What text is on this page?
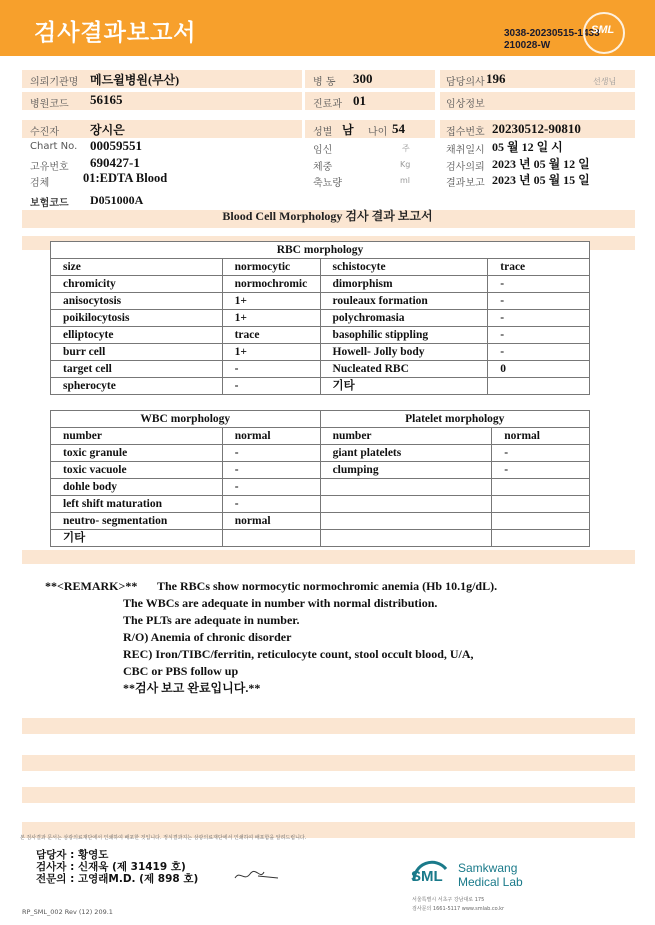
검사결과보고서	3038-20230515-1433
210028-W
SML
의뢰기관명 메드윌병원(부산)	병 동 300	담당의사 196	선생님
병원코드 56165	진료과 01	임상정보
수진자	장시은	성별 남 나이 54	접수번호 20230512-90810
Chart No. 00059551	임신	주	채취일시 05 월 12 일 시
고유번호 690427-1	체중	Kg	검사의뢰 2023 년 05 월 12 일
검체	01:EDTA Blood	축뇨량	ml	결과보고 2023 년 05 월 15 일
보험코드 D051000A
Blood Cell Morphology 검사 결과 보고서
RBC morphology			
size	normocytic	schistocyte	trace
chromicity	normochromic	dimorphism	-
anisocytosis	1+	rouleaux formation	-
poikilocytosis	1+	polychromasia	-
elliptocyte	trace	basophilic stippling	-
burr cell	1+	Howell- Jolly body	-
target cell	-	Nucleated RBC	0
spherocyte	-	기타	
WBC morphology		Platelet morphology	
number	normal	number	normal
toxic granule	-	giant platelets	-
toxic vacuole	-	clumping	-
dohle body	-		
left shift maturation	-		
neutro- segmentation	normal		
기타			
**<REMARK>** The RBCs show normocytic normochromic anemia (Hb 10.1g/dL).
The WBCs are adequate in number with normal distribution.
The PLTs are adequate in number.
R/O) Anemia of chronic disorder
REC) Iron/TIBC/ferritin, reticulocyte count, stool occult blood, U/A,
CBC or PBS follow up
**검사 보고 완료입니다.**
본 검사결과 문서는 삼광의료재단에서 인쇄하여 배포한 것입니다. 정식결과지는 삼광의료재단에서 인쇄하여 배포함을 알려드립니다.
담당자 : 황영도
검사자 : 신재욱 (제 31419 호)
전문의 : 고영래M.D. (제 898 호)	SML Samkwang
Medical Lab
서울특별시 서초구 강남대로 175
검사문의 1661-5117 www.smlab.co.kr
RP_SML_002 Rev (12) 209.1
